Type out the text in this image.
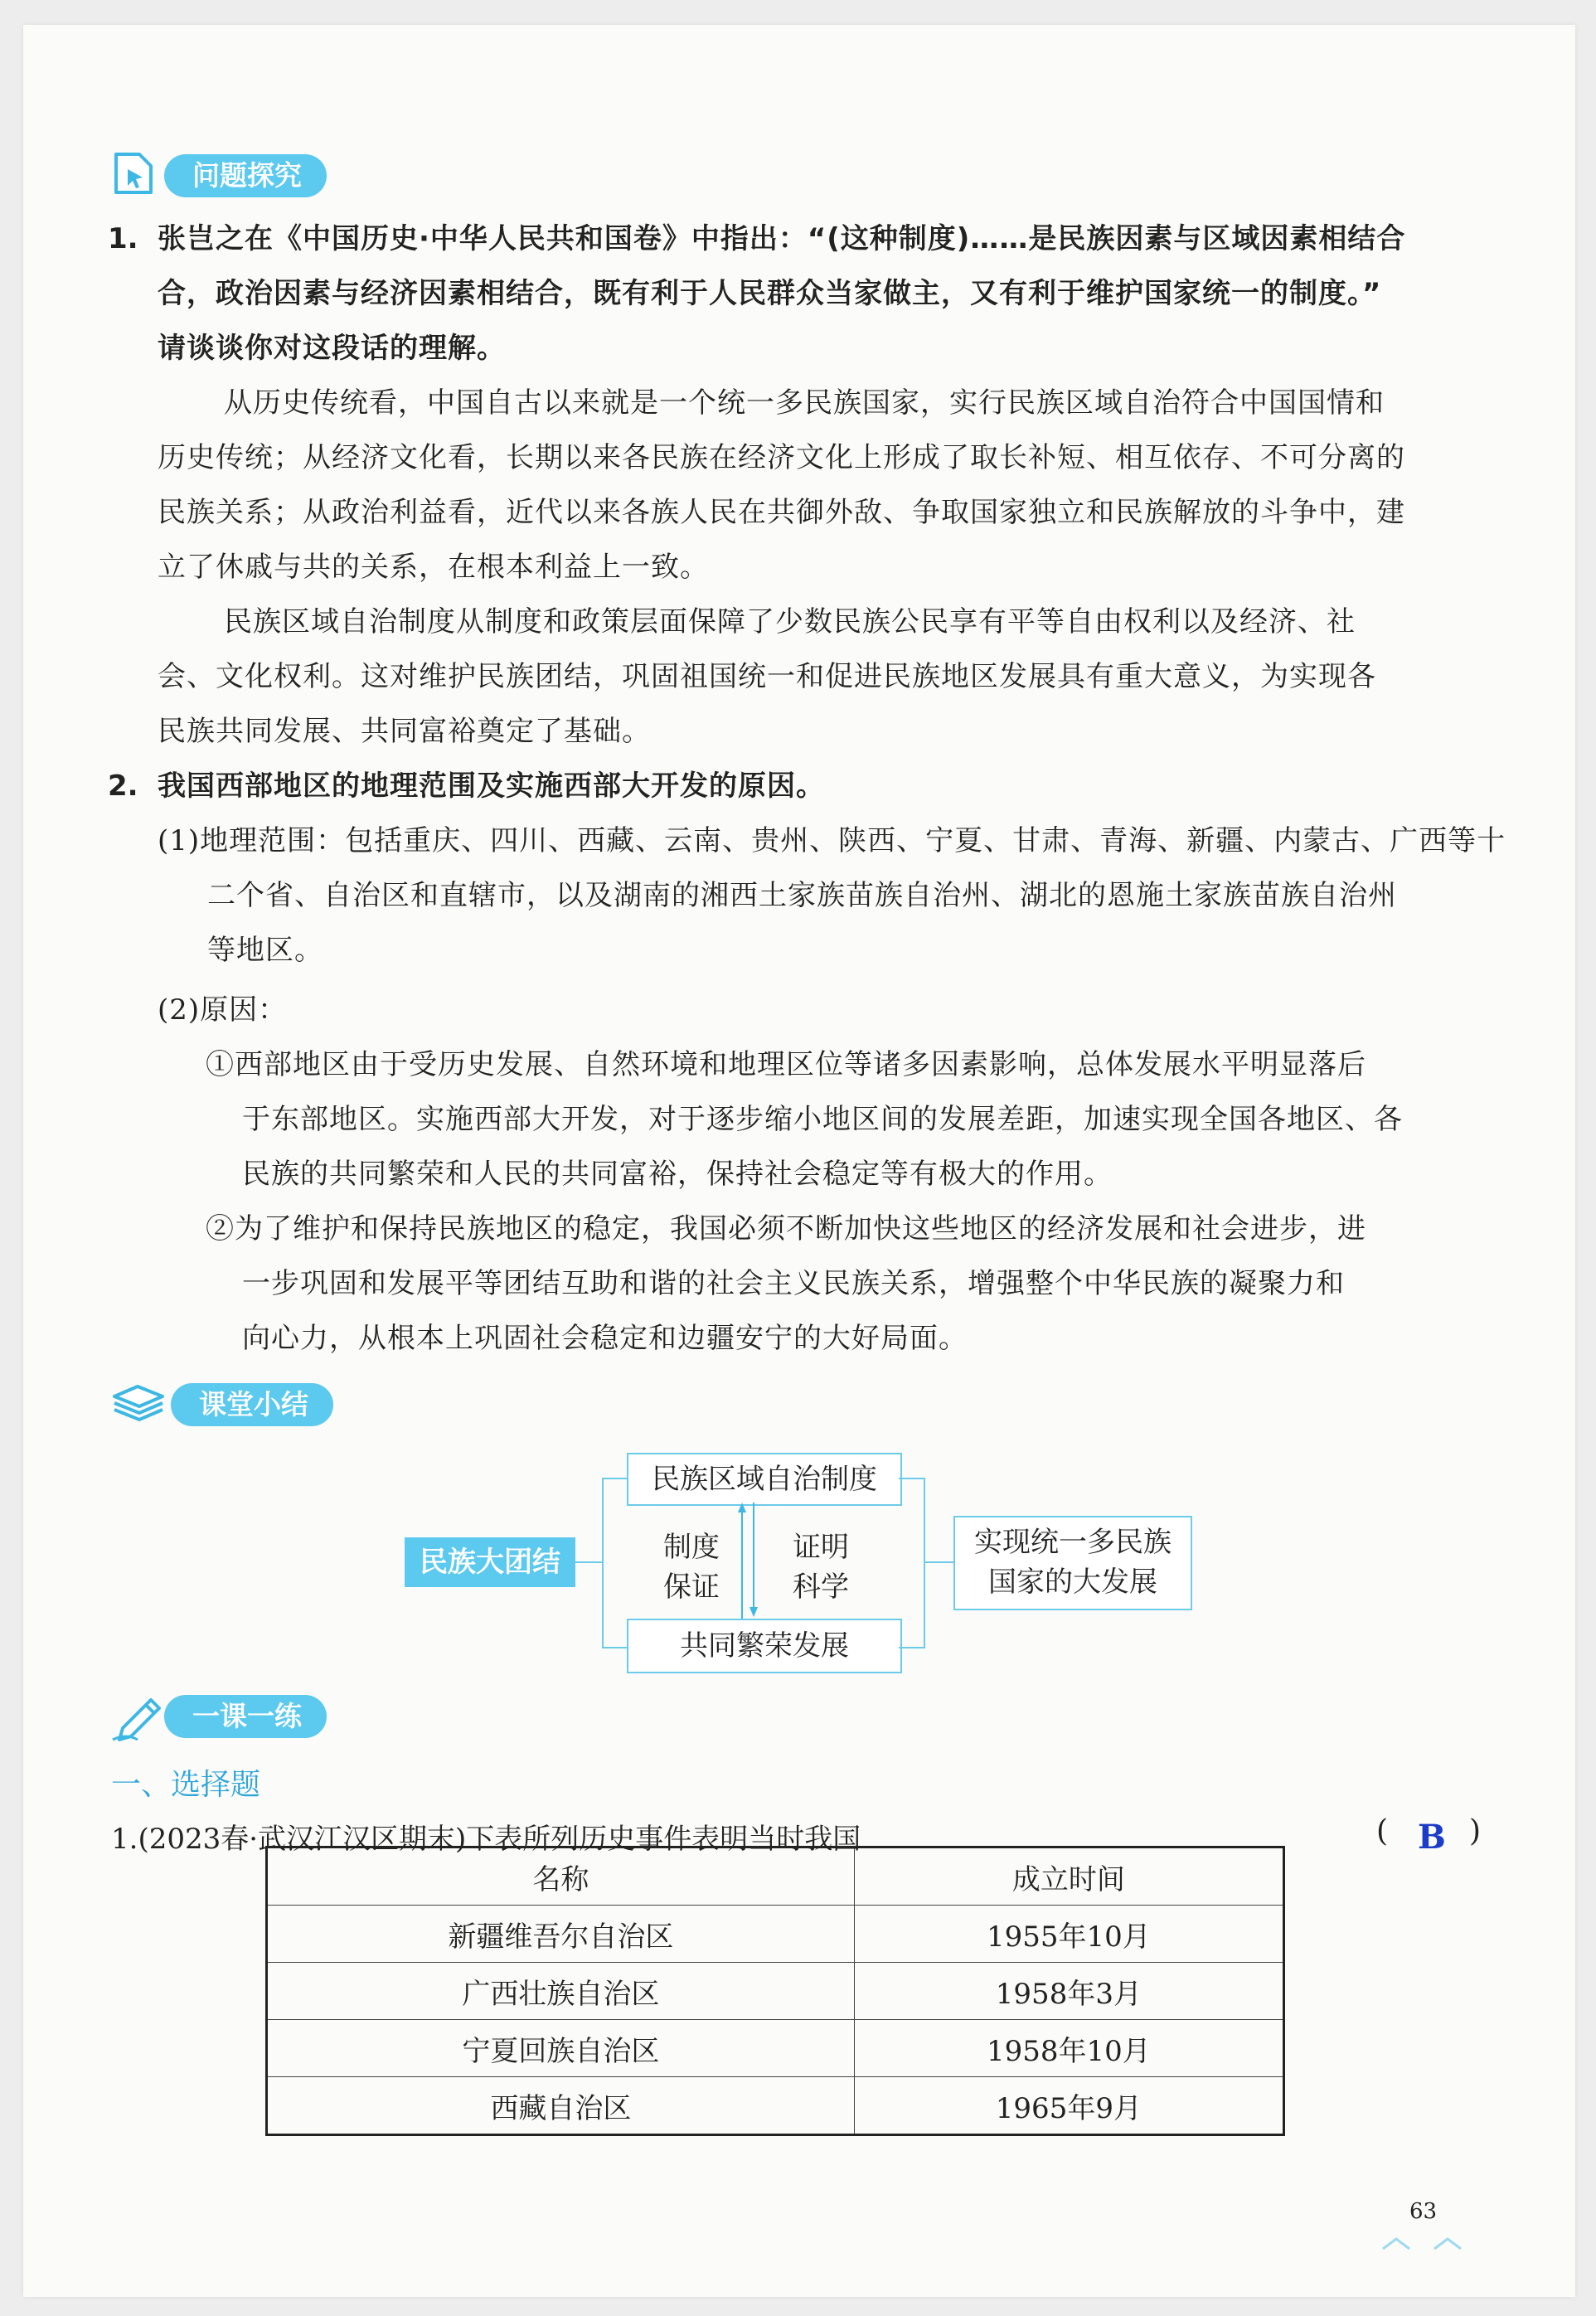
问题探究
1. 张岂之在《中国历史·中华人民共和国卷》中指出：“(这种制度)……是民族因素与区域因素相结合
合，政治因素与经济因素相结合，既有利于人民群众当家做主，又有利于维护国家统一的制度。”
请谈谈你对这段话的理解。
从历史传统看，中国自古以来就是一个统一多民族国家，实行民族区域自治符合中国国情和
历史传统；从经济文化看，长期以来各民族在经济文化上形成了取长补短、相互依存、不可分离的
民族关系；从政治利益看，近代以来各族人民在共御外敌、争取国家独立和民族解放的斗争中，建
立了休戚与共的关系，在根本利益上一致。
民族区域自治制度从制度和政策层面保障了少数民族公民享有平等自由权利以及经济、社
会、文化权利。这对维护民族团结，巩固祖国统一和促进民族地区发展具有重大意义，为实现各
民族共同发展、共同富裕奠定了基础。
2. 我国西部地区的地理范围及实施西部大开发的原因。
(1)地理范围：包括重庆、四川、西藏、云南、贵州、陕西、宁夏、甘肃、青海、新疆、内蒙古、广西等十
二个省、自治区和直辖市，以及湖南的湘西土家族苗族自治州、湖北的恩施土家族苗族自治州
等地区。
(2)原因：
①西部地区由于受历史发展、自然环境和地理区位等诸多因素影响，总体发展水平明显落后
于东部地区。实施西部大开发，对于逐步缩小地区间的发展差距，加速实现全国各地区、各
民族的共同繁荣和人民的共同富裕，保持社会稳定等有极大的作用。
②为了维护和保持民族地区的稳定，我国必须不断加快这些地区的经济发展和社会进步，进
一步巩固和发展平等团结互助和谐的社会主义民族关系，增强整个中华民族的凝聚力和
向心力，从根本上巩固社会稳定和边疆安宁的大好局面。
课堂小结
民族大团结
民族区域自治制度
共同繁荣发展
制度
保证
证明
科学
实现统一多民族
国家的大发展
一课一练
一、选择题
1.(2023春·武汉江汉区期末)下表所列历史事件表明当时我国	( B )
名称	成立时间
新疆维吾尔自治区	1955年10月
广西壮族自治区	1958年3月
宁夏回族自治区	1958年10月
西藏自治区	1965年9月
63
